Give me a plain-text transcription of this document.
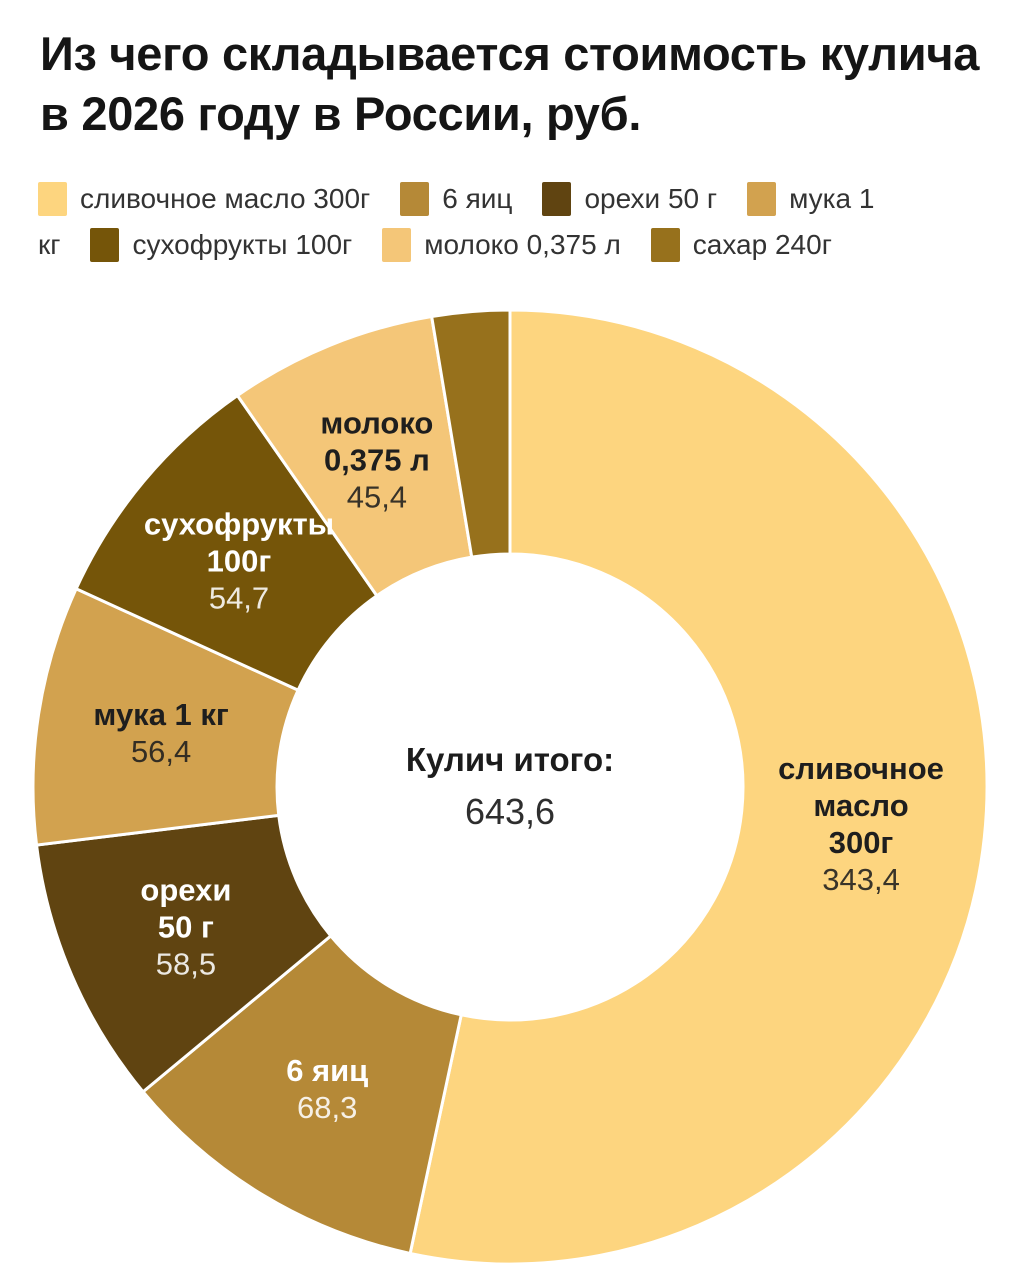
Из чего складывается стоимость кулича в 2026 году в России, руб.
сливочное масло 300г	6 яиц	орехи 50 г	мука 1
кг	сухофрукты 100г	молоко 0,375 л	сахар 240г
Кулич итого:
643,6
сливочное
масло
300г
343,4
6 яиц
68,3
орехи
50 г
58,5
мука 1 кг
56,4
сухофрукты
100г
54,7
молоко
0,375 л
45,4
